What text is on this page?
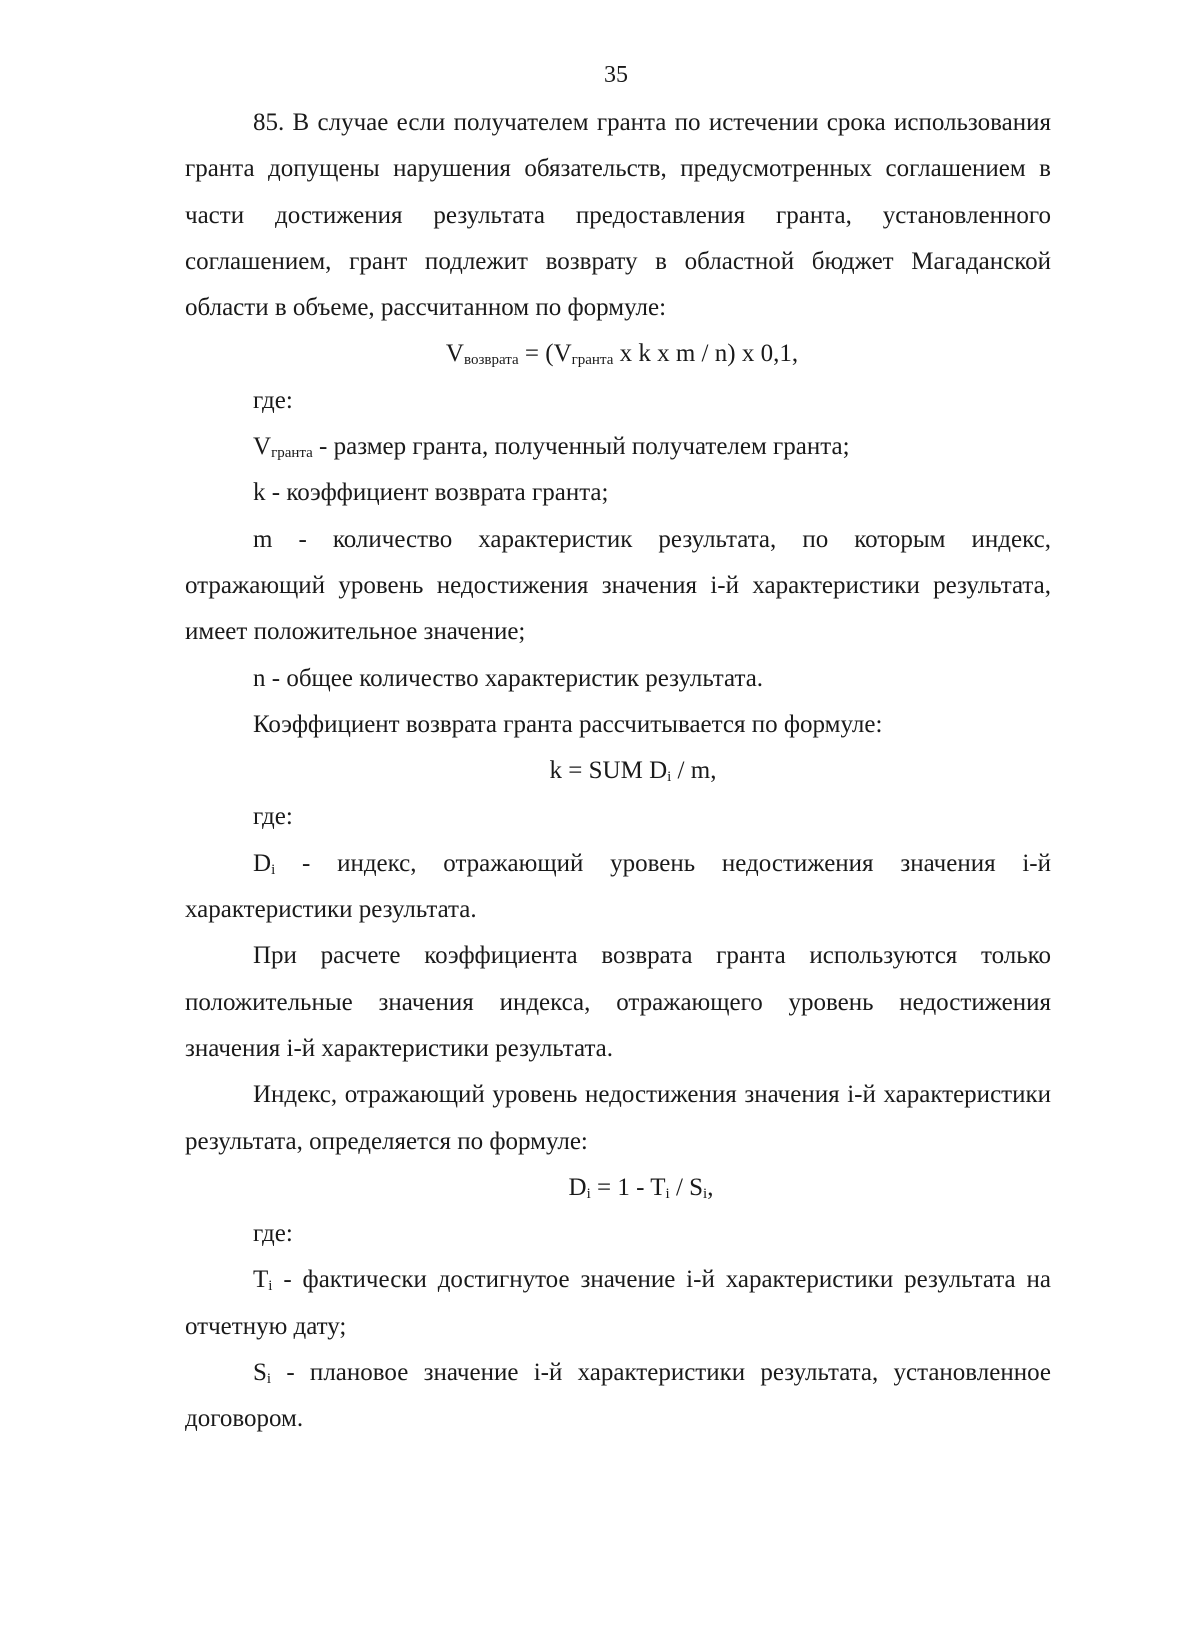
35

85. В случае если получателем гранта по истечении срока использования гранта допущены нарушения обязательств, предусмотренных соглашением в части достижения результата предоставления гранта, установленного соглашением, грант подлежит возврату в областной бюджет Магаданской области в объеме, рассчитанном по формуле:

$V_{возврата} = (V_{гранта}$ x k x m / n) x 0,1,

где:

$V_{гранта}$ - размер гранта, полученный получателем гранта;

k - коэффициент возврата гранта;

m - количество характеристик результата, по которым индекс, отражающий уровень недостижения значения i-й характеристики результата, имеет положительное значение;

n - общее количество характеристик результата.

Коэффициент возврата гранта рассчитывается по формуле:

k = SUM $D_i$ / m,

где:

$D_i$ - индекс, отражающий уровень недостижения значения i-й характеристики результата.

При расчете коэффициента возврата гранта используются только положительные значения индекса, отражающего уровень недостижения значения i-й характеристики результата.

Индекс, отражающий уровень недостижения значения i-й характеристики результата, определяется по формуле:

$D_i = 1 - T_i / S_i$,

где:

$T_i$ - фактически достигнутое значение i-й характеристики результата на отчетную дату;

$S_i$ - плановое значение i-й характеристики результата, установленное договором.
